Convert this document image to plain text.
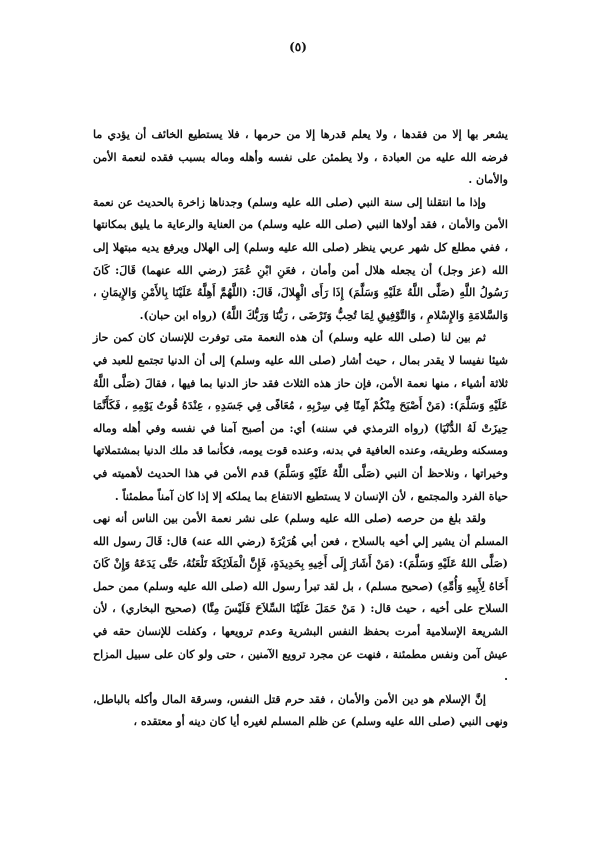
(٥)

يشعر بها إلا من فقدها ، ولا يعلم قدرها إلا من حرمها ، فلا يستطيع الخائف أن يؤدي ما فرضه الله عليه من العبادة ، ولا يطمئن على نفسه وأهله وماله بسبب فقده لنعمة الأمن والأمان .

وإذا ما انتقلنا إلى سنة النبي (صلى الله عليه وسلم) وجدناها زاخرة بالحديث عن نعمة الأمن والأمان ، فقد أولاها النبي (صلى الله عليه وسلم) من العناية والرعاية ما يليق بمكانتها ، ففي مطلع كل شهر عربي ينظر (صلى الله عليه وسلم) إلى الهلال ويرفع يديه مبتهلا إلى الله (عز وجل) أن يجعله هلال أمن وأمان ، فعَنِ ابْنِ عُمَرَ (رضي الله عنهما) قَالَ: كَانَ رَسُولُ اللَّهِ (صَلَّى اللَّهُ عَلَيْهِ وَسَلَّمَ) إِذَا رَأَى الْهِلالَ، قَالَ: (اللَّهُمَّ أَهِلَّهُ عَلَيْنَا بِالأَمْنِ وَالإِيمَانِ ، وَالسَّلامَةِ وَالإِسْلامِ ، وَالتَّوْفِيقِ لِمَا تُحِبُّ وَتَرْضَى ، رَبُّنَا وَرَبُّكَ اللَّهُ) (رواه ابن حبان).

ثم بين لنا (صلى الله عليه وسلم) أن هذه النعمة متى توفرت للإنسان كان كمن حاز شيئا نفيسا لا يقدر بمال ، حيث أشار (صلى الله عليه وسلم) إلى أن الدنيا تجتمع للعبد في ثلاثة أشياء ، منها نعمة الأمن، فإن حاز هذه الثلاث فقد حاز الدنيا بما فيها ، فقالَ (صَلَّى اللَّهُ عَلَيْهِ وَسَلَّمَ): (مَنْ أَصْبَحَ مِنْكُمْ آمِنًا فِي سِرْبِهِ ، مُعَافًى فِي جَسَدِهِ ، عِنْدَهُ قُوتُ يَوْمِهِ ، فَكَأَنَّمَا حِيزَتْ لَهُ الدُّنْيَا) (رواه الترمذي في سننه) أي: من أصبح آمنا في نفسه وفي أهله وماله ومسكنه وطريقه، وعنده العافية في بدنه، وعنده قوت يومه، فكأنما قد ملك الدنيا بمشتملاتها وخيراتها ، ونلاحظ أن النبي (صَلَّى اللَّهُ عَلَيْهِ وَسَلَّمَ) قدم الأمن في هذا الحديث لأهميته في حياة الفرد والمجتمع ، لأن الإنسان لا يستطيع الانتفاع بما يملكه إلا إذا كان آمناً مطمئناً .

ولقد بلغ من حرصه (صلى الله عليه وسلم) على نشر نعمة الأمن بين الناس أنه نهى المسلم أن يشير إلي أخيه بالسلاح ، فعن أبي هُرَيْرَةَ (رضي الله عنه) قال: قَالَ رسول الله (صَلَّى اللهُ عَلَيْهِ وَسَلَّمَ): (مَنْ أَشَارَ إِلَى أَخِيهِ بِحَدِيدَةٍ، فَإِنَّ الْمَلَائِكَةَ تَلْعَنُهُ، حَتَّى يَدَعَهُ وَإِنْ كَانَ أَخَاهُ لِأَبِيهِ وَأُمِّهِ) (صحيح مسلم) ، بل لقد تبرأ رسول الله (صلى الله عليه وسلم) ممن حمل السلاح على أخيه ، حيث قال: ( مَنْ حَمَلَ عَلَيْنَا السِّلاَحَ فَلَيْسَ مِنَّا) (صحيح البخاري) ، لأن الشريعة الإسلامية أمرت بحفظ النفس البشرية وعدم ترويعها ، وكفلت للإنسان حقه في عيش آمن ونفس مطمئنة ، فنهت عن مجرد ترويع الآمنين ، حتى ولو كان على سبيل المزاح .

إنَّ الإسلام هو دين الأمن والأمان ، فقد حرم قتل النفس، وسرقة المال وأكله بالباطل، ونهى النبي (صلى الله عليه وسلم) عن ظلم المسلم لغيره أيا كان دينه أو معتقده ،
